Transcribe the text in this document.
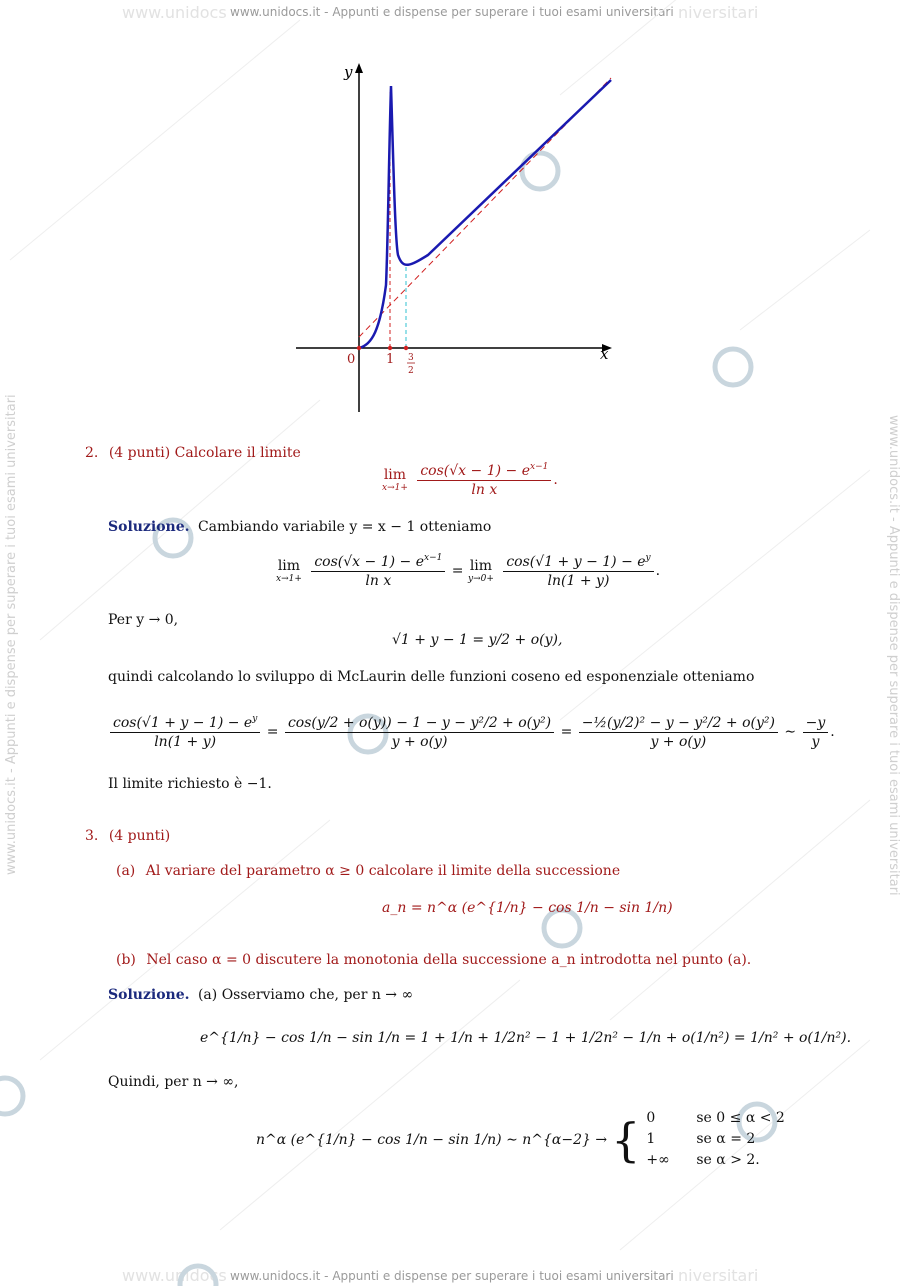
www.unidocs	niversitari
www.unidocs.it - Appunti e dispense per superare i tuoi esami universitari
www.unidocs	niversitari
www.unidocs.it - Appunti e dispense per superare i tuoi esami universitari
www.unidocs.it - Appunti e dispense per superare i tuoi esami universitari	www.unidocs.it - Appunti e dispense per superare i tuoi esami universitari
y
x
0 1 3
2
2. (4 punti) Calcolare il limite
lim
x→1+
$\frac{\cos(√x - 1) - e^{x-1}}{\text{ln x}}$ .
Soluzione. Cambiando variabile y = x − 1 otteniamo
lim
x→1+
$\frac{\cos(√x - 1) - e^{x-1}}{\text{ln x}} = \lim$
y→0+
$\frac{\cos(√1 + y - 1) - e^y}{\ln(1 + y)}$ .
Per y → 0,
√1 + y − 1 = y/2 + o(y),
quindi calcolando lo sviluppo di McLaurin delle funzioni coseno ed esponenziale otteniamo
$\frac{\cos(√1 + y - 1) - e^y}{\ln(1 + y)} = \frac{\text{cos(y/2 + o(y)) − 1 − y − y²/2 + o(y²)}}{y + o(y)} = \frac{\text{−½(y/2)² − y − y²/2 + o(y²)}}{y + o(y)}$ ∼ $\frac{-y}{y}$ .
Il limite richiesto è −1.
3. (4 punti)
(a) Al variare del parametro α ≥ 0 calcolare il limite della successione
a_n = n^α (e^{1/n} − cos 1/n − sin 1/n)
(b) Nel caso α = 0 discutere la monotonia della successione a_n introdotta nel punto (a).
Soluzione. (a) Osserviamo che, per n → ∞
e^{1/n} − cos 1/n − sin 1/n = 1 + 1/n + 1/2n² − 1 + 1/2n² − 1/n + o(1/n²) = 1/n² + o(1/n²).
Quindi, per n → ∞,
n^α (e^{1/n} − cos 1/n − sin 1/n) ∼ n^{α−2} → { 0	se 0 ≤ α < 2
1	se α = 2
+∞	se α > 2.
